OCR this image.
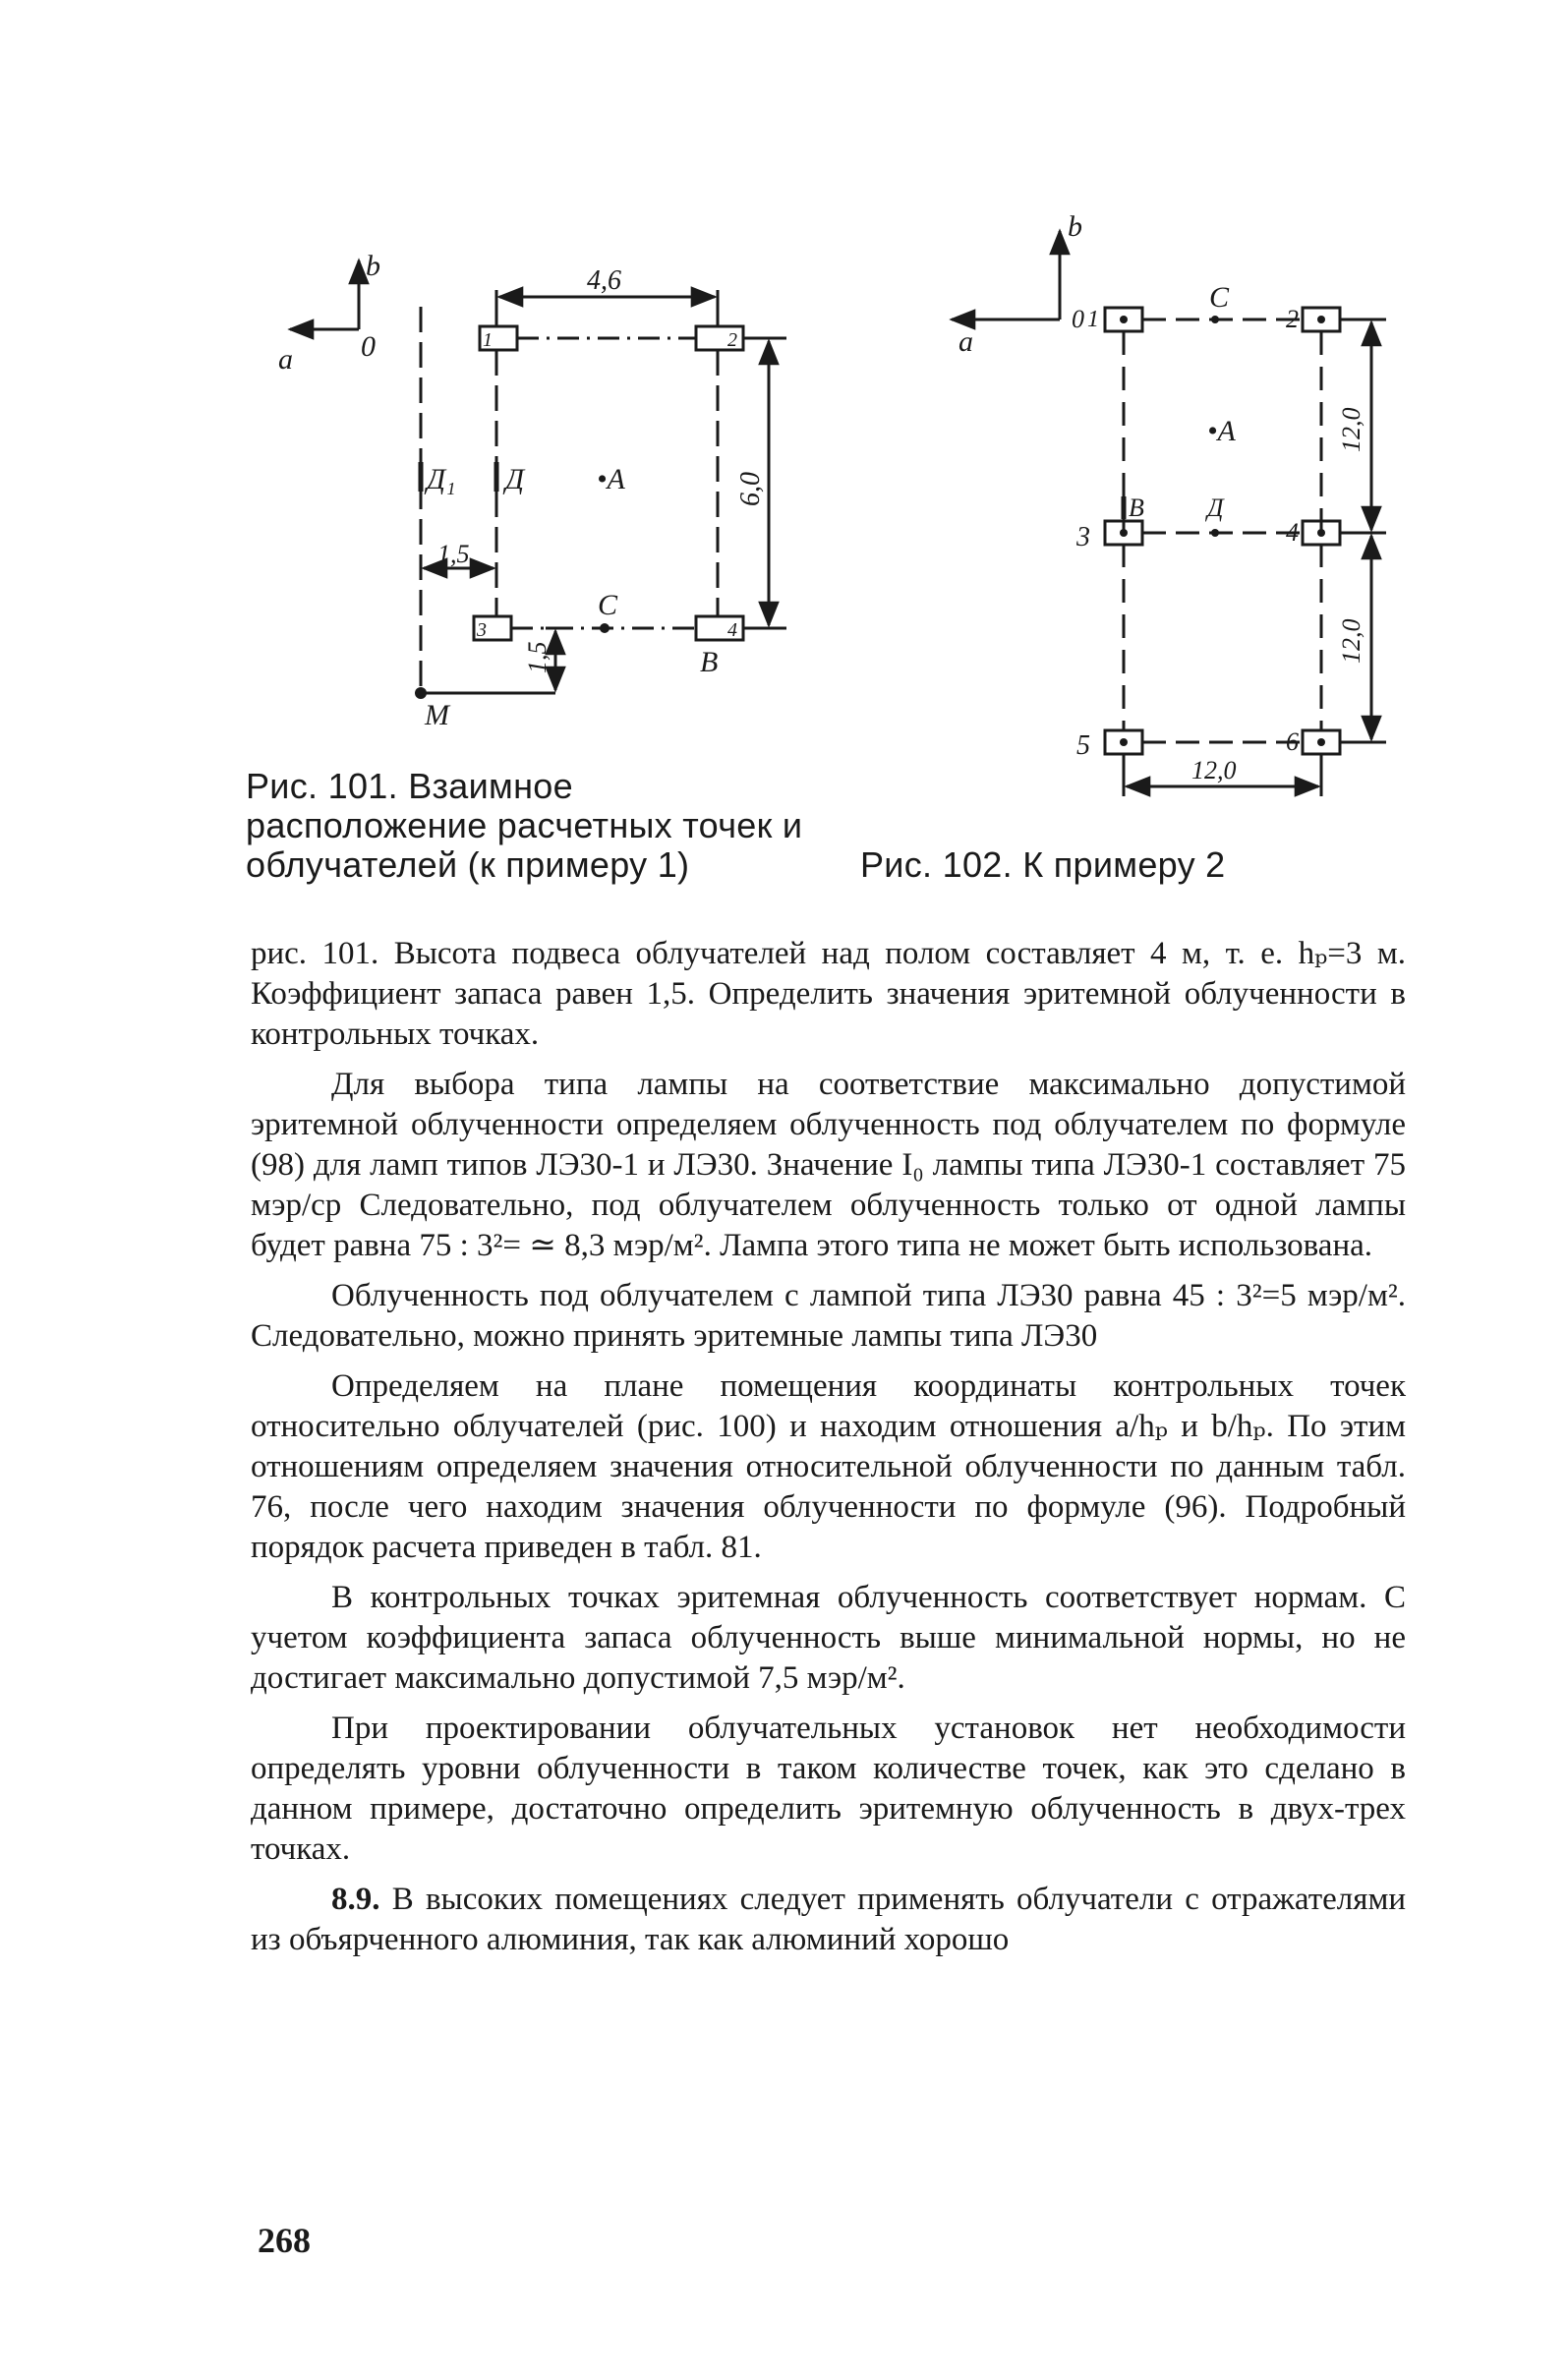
b
a 0
4,6
6,0
1,5
1,5
1	2
3	4
Д₁ Д •А
С
В
М
b
a
0 1	2
3	4
5	6
С
•А
В Д
12,0
12,0
12,0

Рис. 101. Взаимное расположение расчетных точек и облучателей (к примеру 1)	Рис. 102. К примеру 2

рис. 101. Высота подвеса облучателей над полом составляет 4 м, т. е. hₚ=3 м. Коэффициент запаса равен 1,5. Определить значения эритемной облученности в контрольных точках.

Для выбора типа лампы на соответствие максимально допустимой эритемной облученности определяем облученность под облучателем по формуле (98) для ламп типов ЛЭ30-1 и ЛЭ30. Значение I₀ лампы типа ЛЭ30-1 составляет 75 мэр/ср Следовательно, под облучателем облученность только от одной лампы будет равна 75 : 3²= ≃ 8,3 мэр/м². Лампа этого типа не может быть использована.

Облученность под облучателем с лампой типа ЛЭ30 равна 45 : 3²=5 мэр/м². Следовательно, можно принять эритемные лампы типа ЛЭ30

Определяем на плане помещения координаты контрольных точек относительно облучателей (рис. 100) и находим отношения a/hₚ и b/hₚ. По этим отношениям определяем значения относительной облученности по данным табл. 76, после чего находим значения облученности по формуле (96). Подробный порядок расчета приведен в табл. 81.

В контрольных точках эритемная облученность соответствует нормам. С учетом коэффициента запаса облученность выше минимальной нормы, но не достигает максимально допустимой 7,5 мэр/м².

При проектировании облучательных установок нет необходимости определять уровни облученности в таком количестве точек, как это сделано в данном примере, достаточно определить эритемную облученность в двух-трех точках.

8.9. В высоких помещениях следует применять облучатели с отражателями из объярченного алюминия, так как алюминий хорошо

268
